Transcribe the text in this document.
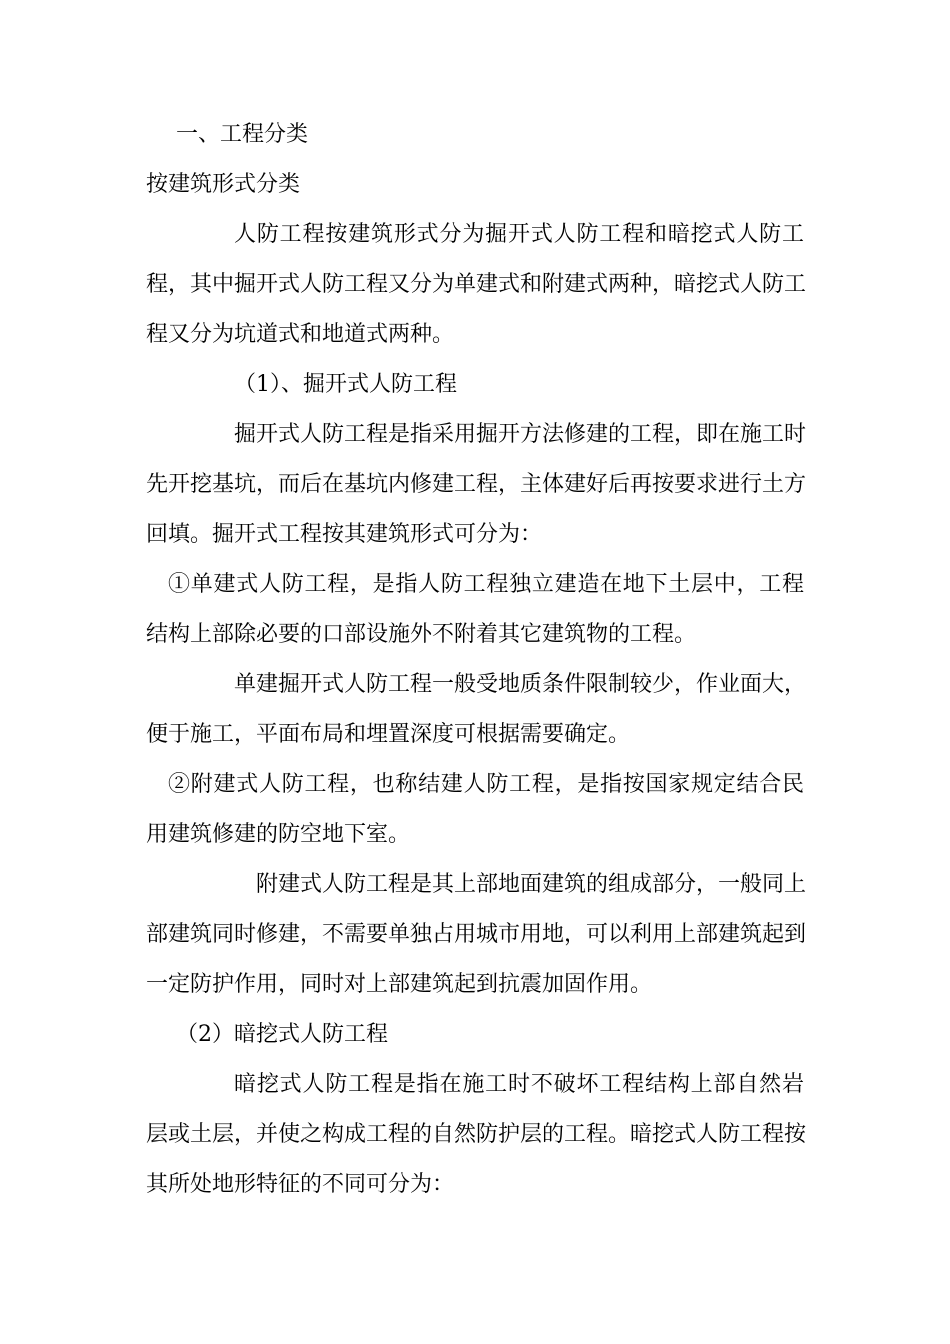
一、工程分类

按建筑形式分类

人防工程按建筑形式分为掘开式人防工程和暗挖式人防工

程，其中掘开式人防工程又分为单建式和附建式两种，暗挖式人防工

程又分为坑道式和地道式两种。

（1）、掘开式人防工程

掘开式人防工程是指采用掘开方法修建的工程，即在施工时

先开挖基坑，而后在基坑内修建工程，主体建好后再按要求进行土方

回填。掘开式工程按其建筑形式可分为：

①单建式人防工程，是指人防工程独立建造在地下土层中，工程

结构上部除必要的口部设施外不附着其它建筑物的工程。

单建掘开式人防工程一般受地质条件限制较少，作业面大，

便于施工，平面布局和埋置深度可根据需要确定。

②附建式人防工程，也称结建人防工程，是指按国家规定结合民

用建筑修建的防空地下室。

附建式人防工程是其上部地面建筑的组成部分，一般同上

部建筑同时修建，不需要单独占用城市用地，可以利用上部建筑起到

一定防护作用，同时对上部建筑起到抗震加固作用。

（2）暗挖式人防工程

暗挖式人防工程是指在施工时不破坏工程结构上部自然岩

层或土层，并使之构成工程的自然防护层的工程。暗挖式人防工程按

其所处地形特征的不同可分为：
